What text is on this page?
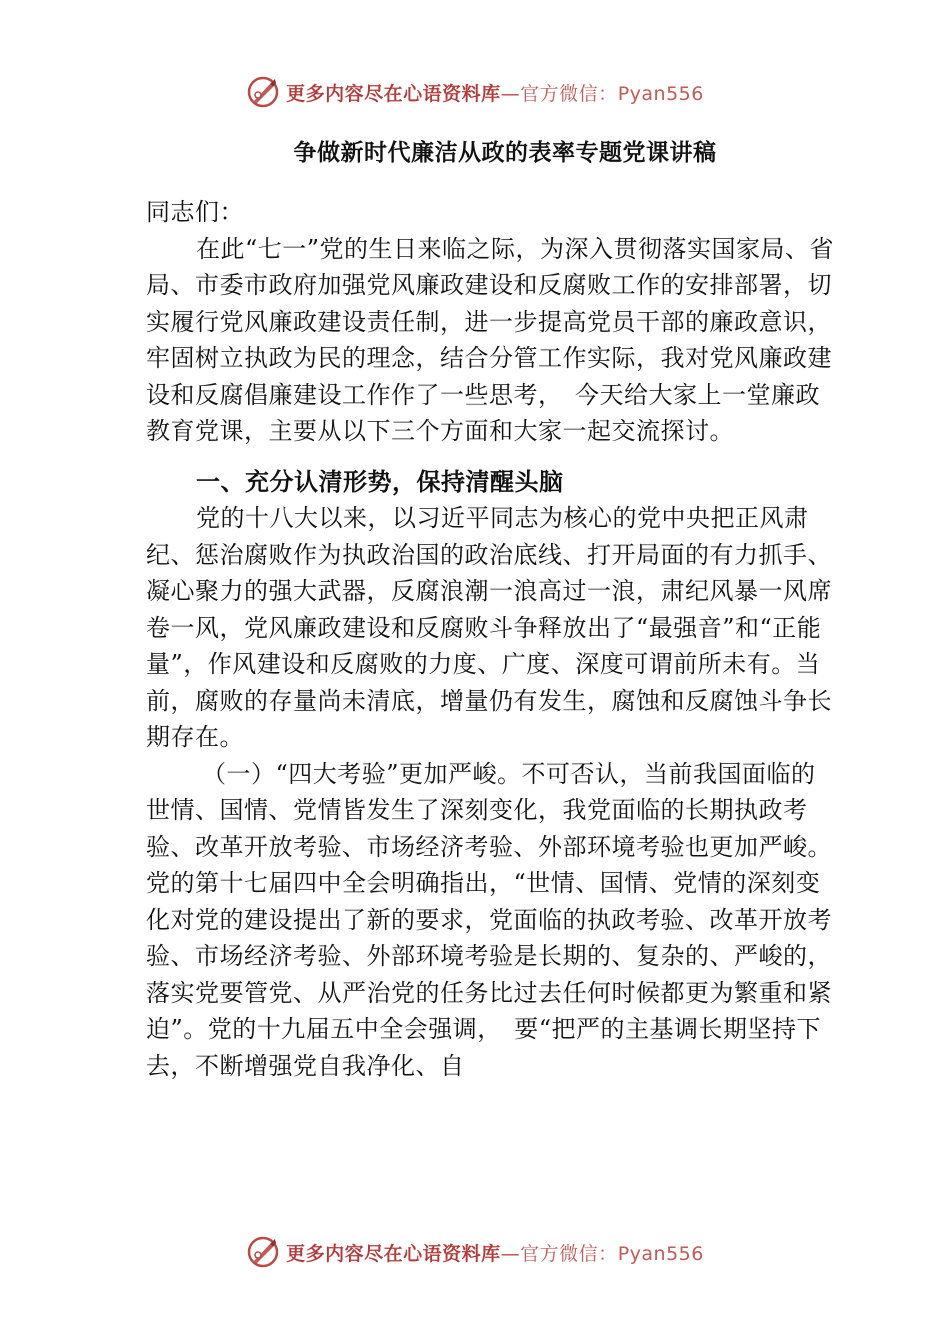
更多内容尽在心语资料库—官方微信：Pyan556
争做新时代廉洁从政的表率专题党课讲稿

同志们：

在此“七一”党的生日来临之际，为深入贯彻落实国家局、省局、市委市政府加强党风廉政建设和反腐败工作的安排部署，切实履行党风廉政建设责任制，进一步提高党员干部的廉政意识，牢固树立执政为民的理念，结合分管工作实际，我对党风廉政建设和反腐倡廉建设工作作了一些思考，　今天给大家上一堂廉政教育党课，主要从以下三个方面和大家一起交流探讨。

一、充分认清形势，保持清醒头脑

党的十八大以来，以习近平同志为核心的党中央把正风肃纪、惩治腐败作为执政治国的政治底线、打开局面的有力抓手、凝心聚力的强大武器，反腐浪潮一浪高过一浪，肃纪风暴一风席卷一风，党风廉政建设和反腐败斗争释放出了“最强音”和“正能量”，作风建设和反腐败的力度、广度、深度可谓前所未有。当前，腐败的存量尚未清底，增量仍有发生，腐蚀和反腐蚀斗争长期存在。

（一）“四大考验”更加严峻。不可否认，当前我国面临的世情、国情、党情皆发生了深刻变化，我党面临的长期执政考验、改革开放考验、市场经济考验、外部环境考验也更加严峻。党的第十七届四中全会明确指出，“世情、国情、党情的深刻变化对党的建设提出了新的要求，党面临的执政考验、改革开放考验、市场经济考验、外部环境考验是长期的、复杂的、严峻的，落实党要管党、从严治党的任务比过去任何时候都更为繁重和紧迫”。党的十九届五中全会强调，　要“把严的主基调长期坚持下去，不断增强党自我净化、自

更多内容尽在心语资料库—官方微信：Pyan556
